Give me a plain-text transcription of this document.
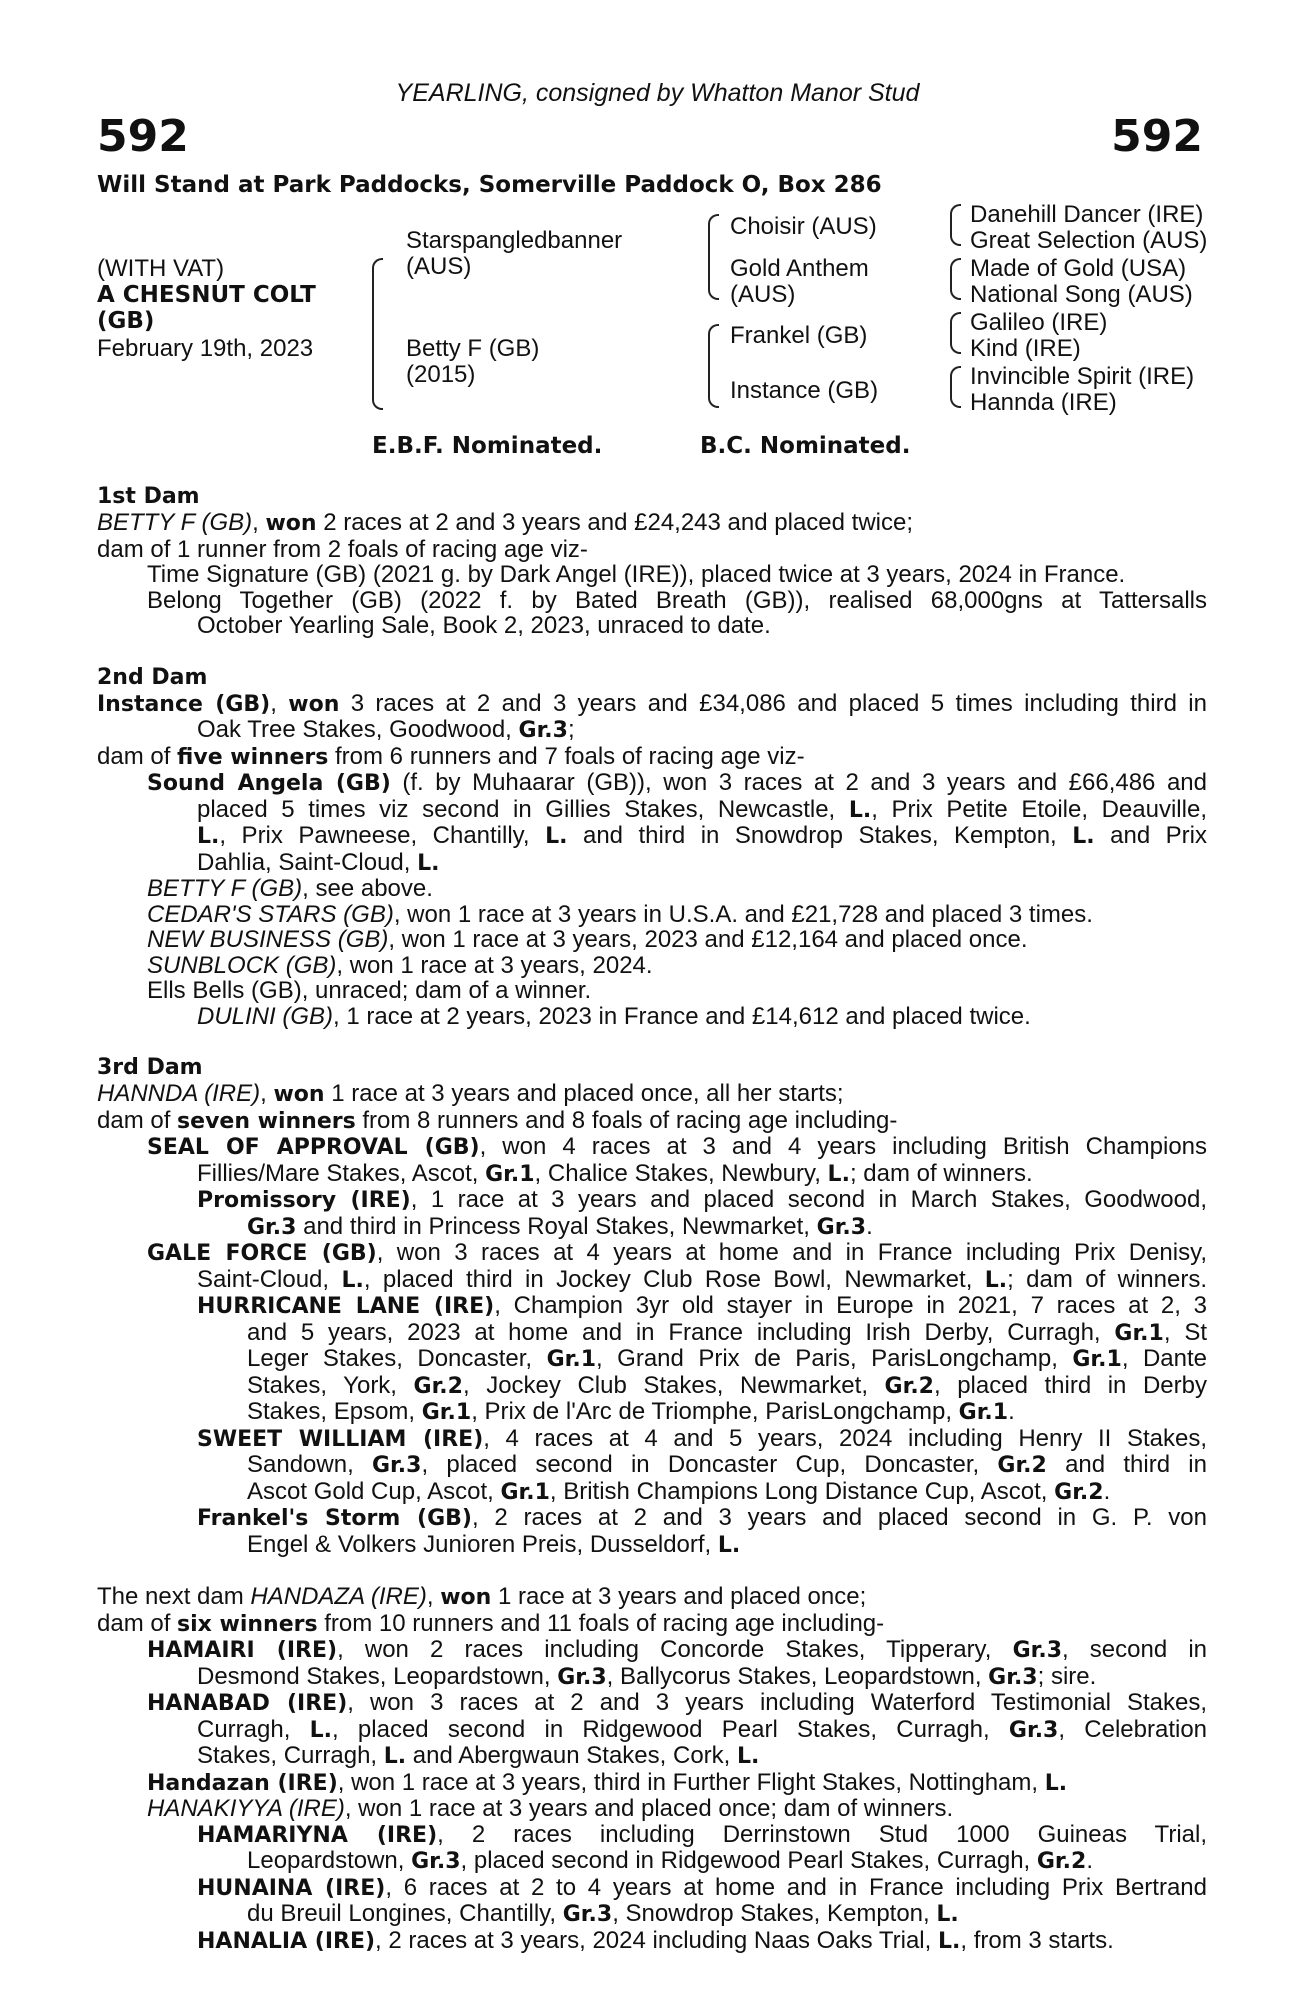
YEARLING, consigned by Whatton Manor Stud
592	592
Will Stand at Park Paddocks, Somerville Paddock O, Box 286
(WITH VAT)
A CHESNUT COLT
(GB)
February 19th, 2023
Starspangledbanner
(AUS)
Betty F (GB)
(2015)
Choisir (AUS)
Gold Anthem
(AUS)
Frankel (GB)
Instance (GB)
Danehill Dancer (IRE)
Great Selection (AUS)
Made of Gold (USA)
National Song (AUS)
Galileo (IRE)
Kind (IRE)
Invincible Spirit (IRE)
Hannda (IRE)
E.B.F. Nominated.	B.C. Nominated.
1st Dam
BETTY F (GB), won 2 races at 2 and 3 years and £24,243 and placed twice;
dam of 1 runner from 2 foals of racing age viz-
Time Signature (GB) (2021 g. by Dark Angel (IRE)), placed twice at 3 years, 2024 in France.
Belong Together (GB) (2022 f. by Bated Breath (GB)), realised 68,000gns at Tattersalls
October Yearling Sale, Book 2, 2023, unraced to date.
2nd Dam
Instance (GB), won 3 races at 2 and 3 years and £34,086 and placed 5 times including third in
Oak Tree Stakes, Goodwood, Gr.3;
dam of five winners from 6 runners and 7 foals of racing age viz-
Sound Angela (GB) (f. by Muhaarar (GB)), won 3 races at 2 and 3 years and £66,486 and
placed 5 times viz second in Gillies Stakes, Newcastle, L., Prix Petite Etoile, Deauville,
L., Prix Pawneese, Chantilly, L. and third in Snowdrop Stakes, Kempton, L. and Prix
Dahlia, Saint-Cloud, L.
BETTY F (GB), see above.
CEDAR'S STARS (GB), won 1 race at 3 years in U.S.A. and £21,728 and placed 3 times.
NEW BUSINESS (GB), won 1 race at 3 years, 2023 and £12,164 and placed once.
SUNBLOCK (GB), won 1 race at 3 years, 2024.
Ells Bells (GB), unraced; dam of a winner.
DULINI (GB), 1 race at 2 years, 2023 in France and £14,612 and placed twice.
3rd Dam
HANNDA (IRE), won 1 race at 3 years and placed once, all her starts;
dam of seven winners from 8 runners and 8 foals of racing age including-
SEAL OF APPROVAL (GB), won 4 races at 3 and 4 years including British Champions
Fillies/Mare Stakes, Ascot, Gr.1, Chalice Stakes, Newbury, L.; dam of winners.
Promissory (IRE), 1 race at 3 years and placed second in March Stakes, Goodwood,
Gr.3 and third in Princess Royal Stakes, Newmarket, Gr.3.
GALE FORCE (GB), won 3 races at 4 years at home and in France including Prix Denisy,
Saint-Cloud, L., placed third in Jockey Club Rose Bowl, Newmarket, L.; dam of winners.
HURRICANE LANE (IRE), Champion 3yr old stayer in Europe in 2021, 7 races at 2, 3
and 5 years, 2023 at home and in France including Irish Derby, Curragh, Gr.1, St
Leger Stakes, Doncaster, Gr.1, Grand Prix de Paris, ParisLongchamp, Gr.1, Dante
Stakes, York, Gr.2, Jockey Club Stakes, Newmarket, Gr.2, placed third in Derby
Stakes, Epsom, Gr.1, Prix de l'Arc de Triomphe, ParisLongchamp, Gr.1.
SWEET WILLIAM (IRE), 4 races at 4 and 5 years, 2024 including Henry II Stakes,
Sandown, Gr.3, placed second in Doncaster Cup, Doncaster, Gr.2 and third in
Ascot Gold Cup, Ascot, Gr.1, British Champions Long Distance Cup, Ascot, Gr.2.
Frankel's Storm (GB), 2 races at 2 and 3 years and placed second in G. P. von
Engel & Volkers Junioren Preis, Dusseldorf, L.
The next dam HANDAZA (IRE), won 1 race at 3 years and placed once;
dam of six winners from 10 runners and 11 foals of racing age including-
HAMAIRI (IRE), won 2 races including Concorde Stakes, Tipperary, Gr.3, second in
Desmond Stakes, Leopardstown, Gr.3, Ballycorus Stakes, Leopardstown, Gr.3; sire.
HANABAD (IRE), won 3 races at 2 and 3 years including Waterford Testimonial Stakes,
Curragh, L., placed second in Ridgewood Pearl Stakes, Curragh, Gr.3, Celebration
Stakes, Curragh, L. and Abergwaun Stakes, Cork, L.
Handazan (IRE), won 1 race at 3 years, third in Further Flight Stakes, Nottingham, L.
HANAKIYYA (IRE), won 1 race at 3 years and placed once; dam of winners.
HAMARIYNA (IRE), 2 races including Derrinstown Stud 1000 Guineas Trial,
Leopardstown, Gr.3, placed second in Ridgewood Pearl Stakes, Curragh, Gr.2.
HUNAINA (IRE), 6 races at 2 to 4 years at home and in France including Prix Bertrand
du Breuil Longines, Chantilly, Gr.3, Snowdrop Stakes, Kempton, L.
HANALIA (IRE), 2 races at 3 years, 2024 including Naas Oaks Trial, L., from 3 starts.
